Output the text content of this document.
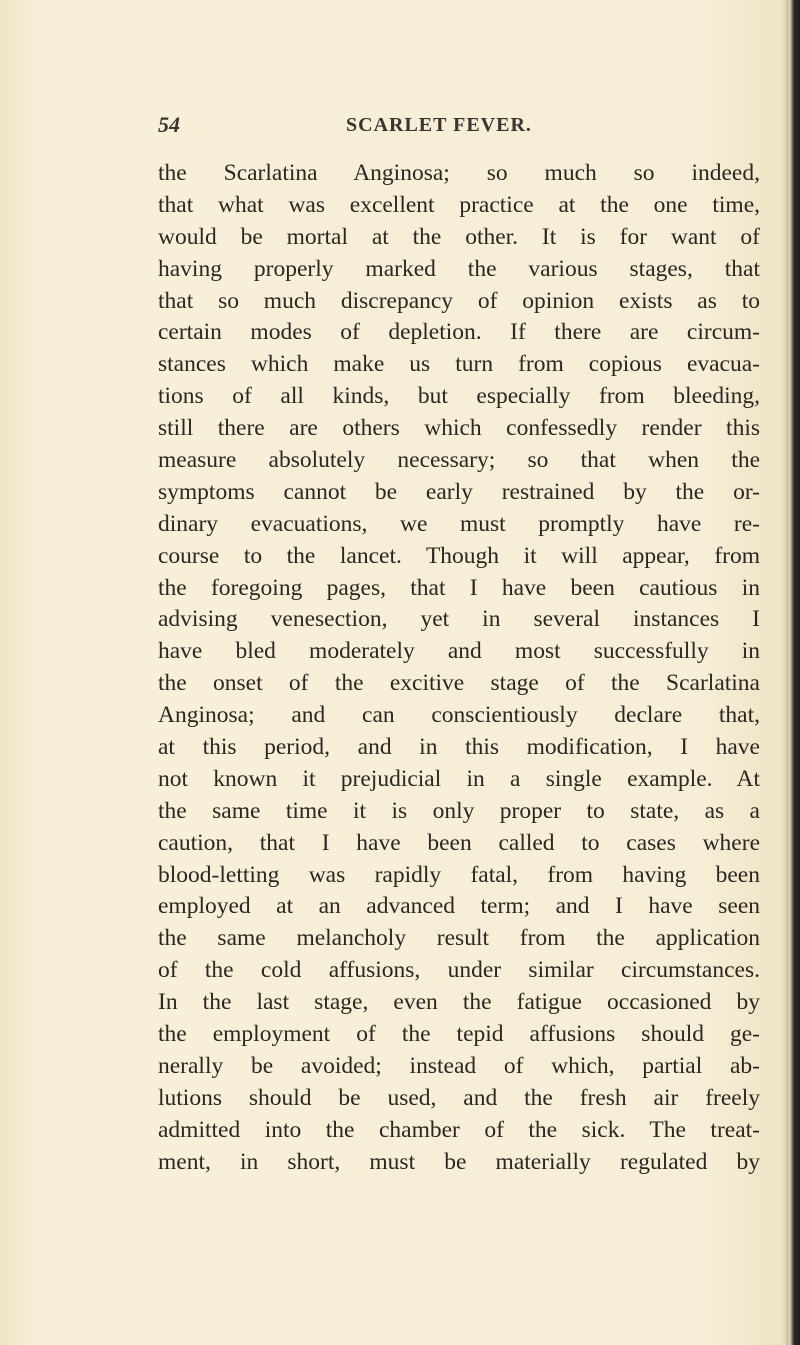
54	SCARLET FEVER.
the Scarlatina Anginosa; so much so indeed,
that what was excellent practice at the one time,
would be mortal at the other. It is for want of
having properly marked the various stages, that
that so much discrepancy of opinion exists as to
certain modes of depletion. If there are circum-
stances which make us turn from copious evacua-
tions of all kinds, but especially from bleeding,
still there are others which confessedly render this
measure absolutely necessary; so that when the
symptoms cannot be early restrained by the or-
dinary evacuations, we must promptly have re-
course to the lancet. Though it will appear, from
the foregoing pages, that I have been cautious in
advising venesection, yet in several instances I
have bled moderately and most successfully in
the onset of the excitive stage of the Scarlatina
Anginosa; and can conscientiously declare that,
at this period, and in this modification, I have
not known it prejudicial in a single example. At
the same time it is only proper to state, as a
caution, that I have been called to cases where
blood-letting was rapidly fatal, from having been
employed at an advanced term; and I have seen
the same melancholy result from the application
of the cold affusions, under similar circumstances.
In the last stage, even the fatigue occasioned by
the employment of the tepid affusions should ge-
nerally be avoided; instead of which, partial ab-
lutions should be used, and the fresh air freely
admitted into the chamber of the sick. The treat-
ment, in short, must be materially regulated by
